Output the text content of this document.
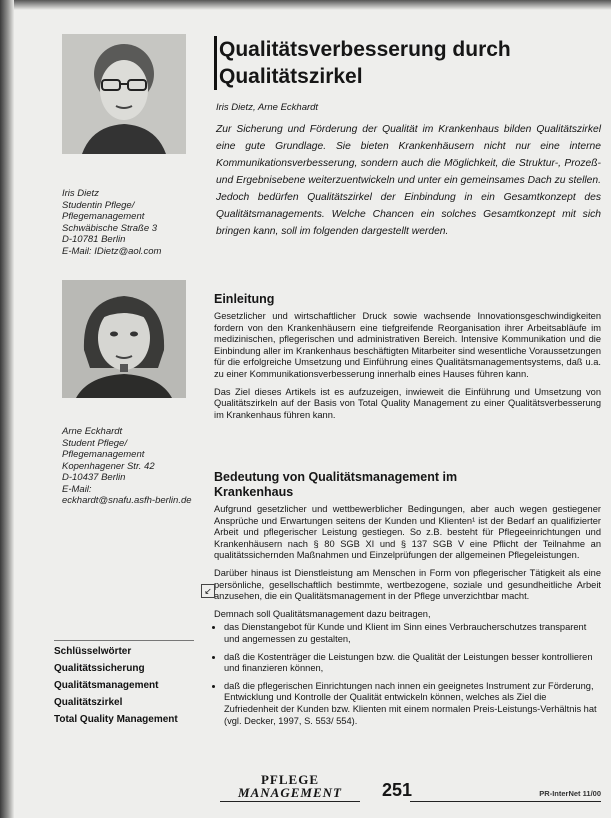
Iris Dietz
Studentin Pflege/
Pflegemanagement
Schwäbische Straße 3
D-10781 Berlin
E-Mail: IDietz@aol.com
Arne Eckhardt
Student Pflege/
Pflegemanagement
Kopenhagener Str. 42
D-10437 Berlin
E-Mail:
eckhardt@snafu.asfh-berlin.de
Schlüsselwörter
Qualitätssicherung
Qualitätsmanagement
Qualitätszirkel
Total Quality Management
Qualitätsverbesserung durch
Qualitätszirkel
Iris Dietz, Arne Eckhardt

Zur Sicherung und Förderung der Qualität im Krankenhaus bilden Qualitätszirkel eine gute Grundlage. Sie bieten Krankenhäusern nicht nur eine interne Kommunikationsverbesserung, sondern auch die Möglichkeit, die Struktur-, Prozeß- und Ergebnisebene weiterzuentwickeln und unter ein gemeinsames Dach zu stellen. Jedoch bedürfen Qualitätszirkel der Einbindung in ein Gesamtkonzept des Qualitätsmanagements. Welche Chancen ein solches Gesamtkonzept mit sich bringen kann, soll im folgenden dargestellt werden.

Einleitung

Gesetzlicher und wirtschaftlicher Druck sowie wachsende Innovationsgeschwindigkeiten fordern von den Krankenhäusern eine tiefgreifende Reorganisation ihrer Arbeitsabläufe im medizinischen, pflegerischen und administrativen Bereich. Intensive Kommunikation und die Einbindung aller im Krankenhaus beschäftigten Mitarbeiter sind wesentliche Voraussetzungen für die erfolgreiche Umsetzung und Einführung eines Qualitätsmanagementsystems, daß u.a. zu einer Kommunikationsverbesserung innerhalb eines Hauses führen kann.

Das Ziel dieses Artikels ist es aufzuzeigen, inwieweit die Einführung und Umsetzung von Qualitätszirkeln auf der Basis von Total Quality Management zu einer Qualitätsverbesserung im Krankenhaus führen kann.

Bedeutung von Qualitätsmanagement im
Krankenhaus

Aufgrund gesetzlicher und wettbewerblicher Bedingungen, aber auch wegen gestiegener Ansprüche und Erwartungen seitens der Kunden und Klienten¹ ist der Bedarf an qualifizierter Arbeit und pflegerischer Leistung gestiegen. So z.B. besteht für Pflegeeinrichtungen und Krankenhäusern nach § 80 SGB XI und § 137 SGB V eine Pflicht der Teilnahme an qualitätssichernden Maßnahmen und Einzelprüfungen der allgemeinen Pflegeleistungen.

Darüber hinaus ist Dienstleistung am Menschen in Form von pflegerischer Tätigkeit als eine persönliche, gesellschaftlich bestimmte, wertbezogene, soziale und gesundheitliche Arbeit anzusehen, die ein Qualitätsmanagement in der Pflege unverzichtbar macht.

Demnach soll Qualitätsmanagement dazu beitragen,

• das Dienstangebot für Kunde und Klient im Sinn eines Verbraucherschutzes transparent und angemessen zu gestalten,
• daß die Kostenträger die Leistungen bzw. die Qualität der Leistungen besser kontrollieren und finanzieren können,
• daß die pflegerischen Einrichtungen nach innen ein geeignetes Instrument zur Förderung, Entwicklung und Kontrolle der Qualität entwickeln können, welches als Ziel die Zufriedenheit der Kunden bzw. Klienten mit einem normalen Preis-Leistungs-Verhältnis hat (vgl. Decker, 1997, S. 553/ 554).
↙
PFLEGE
MANAGEMENT	251	PR-InterNet 11/00
